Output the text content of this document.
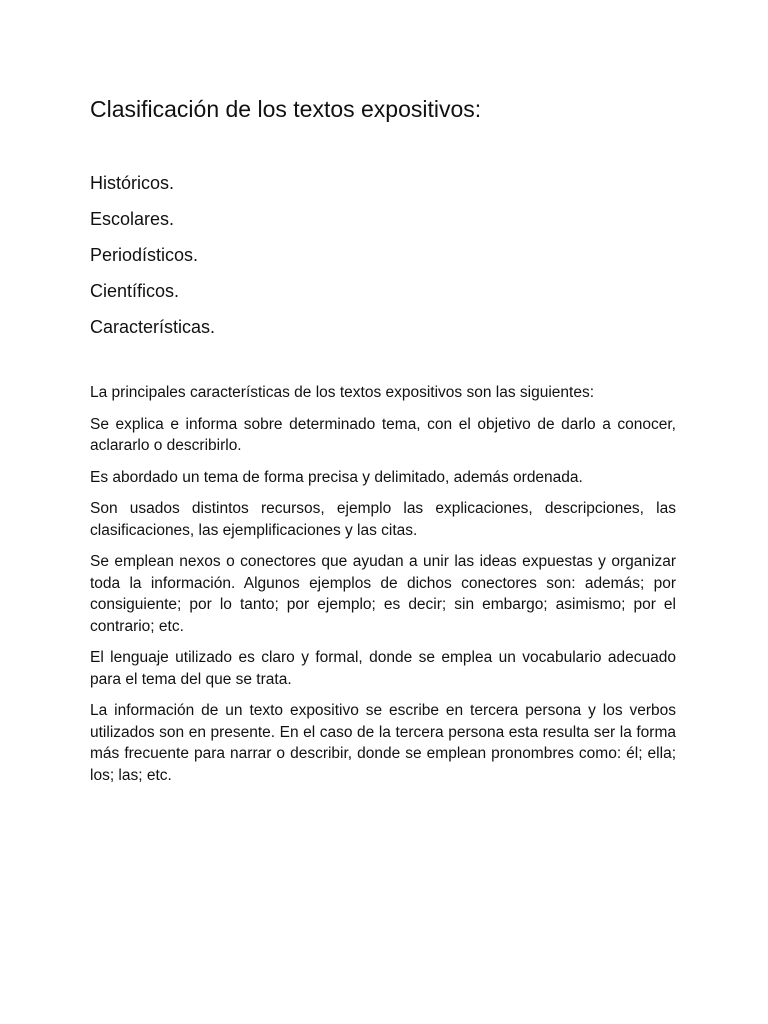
Clasificación de los textos expositivos:
Históricos.
Escolares.
Periodísticos.
Científicos.
Características.

La principales características de los textos expositivos son las siguientes:

Se explica e informa sobre determinado tema, con el objetivo de darlo a conocer, aclararlo o describirlo.

Es abordado un tema de forma precisa y delimitado, además ordenada.

Son usados distintos recursos, ejemplo las explicaciones, descripciones, las clasificaciones, las ejemplificaciones y las citas.

Se emplean nexos o conectores que ayudan a unir las ideas expuestas y organizar toda la información. Algunos ejemplos de dichos conectores son: además; por consiguiente; por lo tanto; por ejemplo; es decir; sin embargo; asimismo; por el contrario; etc.

El lenguaje utilizado es claro y formal, donde se emplea un vocabulario adecuado para el tema del que se trata.

La información de un texto expositivo se escribe en tercera persona y los verbos utilizados son en presente. En el caso de la tercera persona esta resulta ser la forma más frecuente para narrar o describir, donde se emplean pronombres como: él; ella; los; las; etc.
